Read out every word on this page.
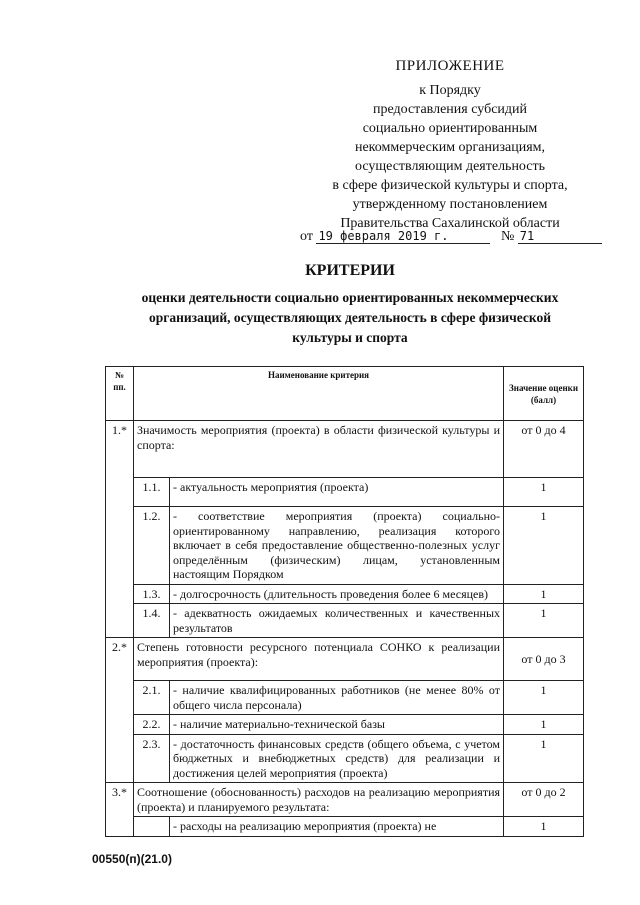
ПРИЛОЖЕНИЕ
к Порядку
предоставления субсидий
социально ориентированным
некоммерческим организациям,
осуществляющим деятельность
в сфере физической культуры и спорта,
утвержденному постановлением
Правительства Сахалинской области
от 19 февраля 2019 г.	№ 71
КРИТЕРИИ
оценки деятельности социально ориентированных некоммерческих организаций, осуществляющих деятельность в сфере физической культуры и спорта
№ пп.	Наименование критерия		Значение оценки (балл)
1.*	Значимость мероприятия (проекта) в области физической культуры и спорта:		от 0 до 4
	1.1.	- актуальность мероприятия (проекта)	1
	1.2.	- соответствие мероприятия (проекта) социально-ориентированному направлению, реализация которого включает в себя предоставление общественно-полезных услуг определённым (физическим) лицам, установленным настоящим Порядком	1
	1.3.	- долгосрочность (длительность проведения более 6 месяцев)	1
	1.4.	- адекватность ожидаемых количественных и качественных результатов	1
2.*	Степень готовности ресурсного потенциала СОНКО к реализации мероприятия (проекта):		от 0 до 3
	2.1.	- наличие квалифицированных работников (не менее 80% от общего числа персонала)	1
	2.2.	- наличие материально-технической базы	1
	2.3.	- достаточность финансовых средств (общего объема, с учетом бюджетных и внебюджетных средств) для реализации и достижения целей мероприятия (проекта)	1
3.*	Соотношение (обоснованность) расходов на реализацию мероприятия (проекта) и планируемого результата:		от 0 до 2
		- расходы на реализацию мероприятия (проекта) не	1
00550(п)(21.0)
